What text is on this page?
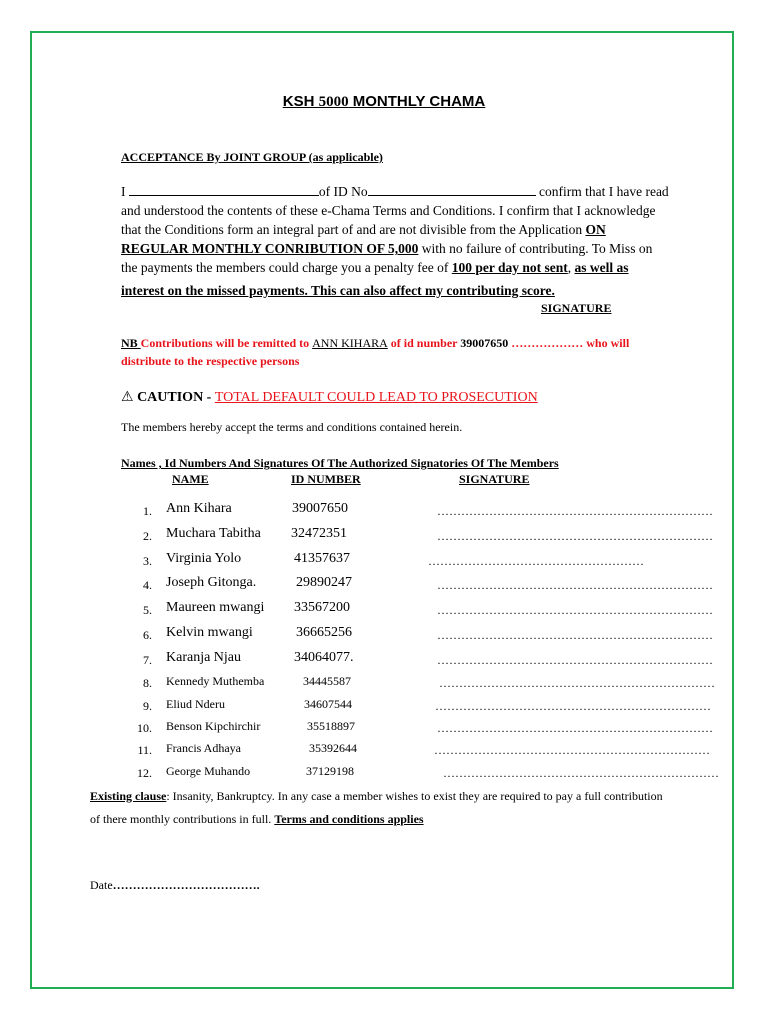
KSH 5000 MONTHLY CHAMA
ACCEPTANCE By JOINT GROUP (as applicable)
I	of ID No	confirm that I have read
and understood the contents of these e-Chama Terms and Conditions. I confirm that I acknowledge
that the Conditions form an integral part of and are not divisible from the Application ON
REGULAR MONTHLY CONRIBUTION OF 5,000 with no failure of contributing. To Miss on
the payments the members could charge you a penalty fee of 100 per day not sent, as well as
interest on the missed payments. This can also affect my contributing score.
SIGNATURE
NB Contributions will be remitted to ANN KIHARA of id number 39007650 ……………… who will
distribute to the respective persons
⚠ CAUTION - TOTAL DEFAULT COULD LEAD TO PROSECUTION
The members hereby accept the terms and conditions contained herein.
Names , Id Numbers And Signatures Of The Authorized Signatories Of The Members
NAME	ID NUMBER	SIGNATURE
1. Ann Kihara	39007650	……………………………………………………………
2. Muchara Tabitha 32472351	……………………………………………………………
3. Virginia Yolo	41357637	………………………………………………
4. Joseph Gitonga.	29890247	……………………………………………………………
5. Maureen mwangi 33567200	……………………………………………………………
6. Kelvin mwangi	36665256	……………………………………………………………
7. Karanja Njau	34064077.	……………………………………………………………
8. Kennedy Muthemba	34445587	……………………………………………………………
9. Eliud Nderu	34607544	……………………………………………………………
10. Benson Kipchirchir	35518897	……………………………………………………………
11. Francis Adhaya	35392644	……………………………………………………………
12. George Muhando	37129198	……………………………………………………………
Existing clause: Insanity, Bankruptcy. In any case a member wishes to exist they are required to pay a full contribution
of there monthly contributions in full. Terms and conditions applies
Date……………………………….
